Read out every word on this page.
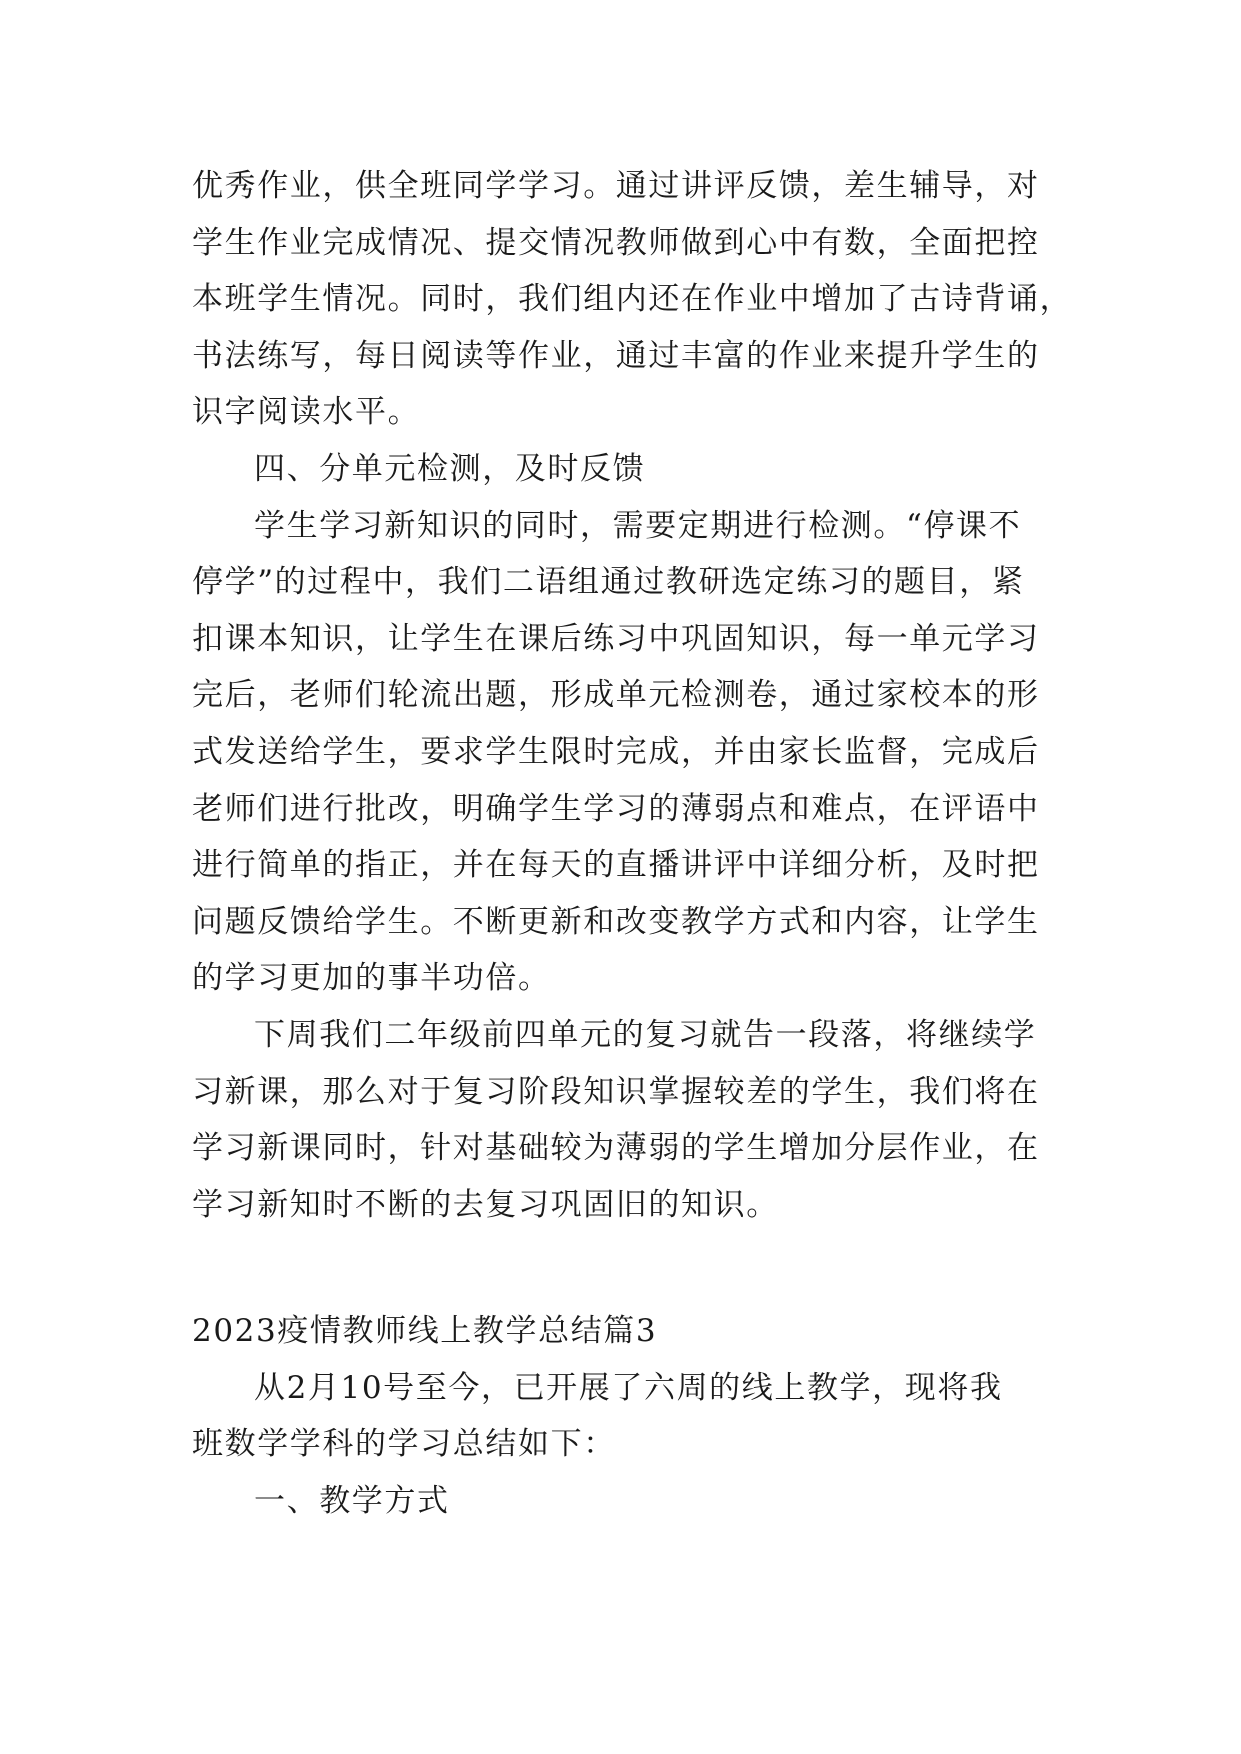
优秀作业，供全班同学学习。通过讲评反馈，差生辅导，对
学生作业完成情况、提交情况教师做到心中有数，全面把控
本班学生情况。同时，我们组内还在作业中增加了古诗背诵，
书法练写，每日阅读等作业，通过丰富的作业来提升学生的
识字阅读水平。
四、分单元检测，及时反馈
学生学习新知识的同时，需要定期进行检测。“停课不
停学”的过程中，我们二语组通过教研选定练习的题目，紧
扣课本知识，让学生在课后练习中巩固知识，每一单元学习
完后，老师们轮流出题，形成单元检测卷，通过家校本的形
式发送给学生，要求学生限时完成，并由家长监督，完成后
老师们进行批改，明确学生学习的薄弱点和难点，在评语中
进行简单的指正，并在每天的直播讲评中详细分析，及时把
问题反馈给学生。不断更新和改变教学方式和内容，让学生
的学习更加的事半功倍。
下周我们二年级前四单元的复习就告一段落，将继续学
习新课，那么对于复习阶段知识掌握较差的学生，我们将在
学习新课同时，针对基础较为薄弱的学生增加分层作业，在
学习新知时不断的去复习巩固旧的知识。
2023疫情教师线上教学总结篇3
从2月10号至今，已开展了六周的线上教学，现将我
班数学学科的学习总结如下：
一、教学方式
